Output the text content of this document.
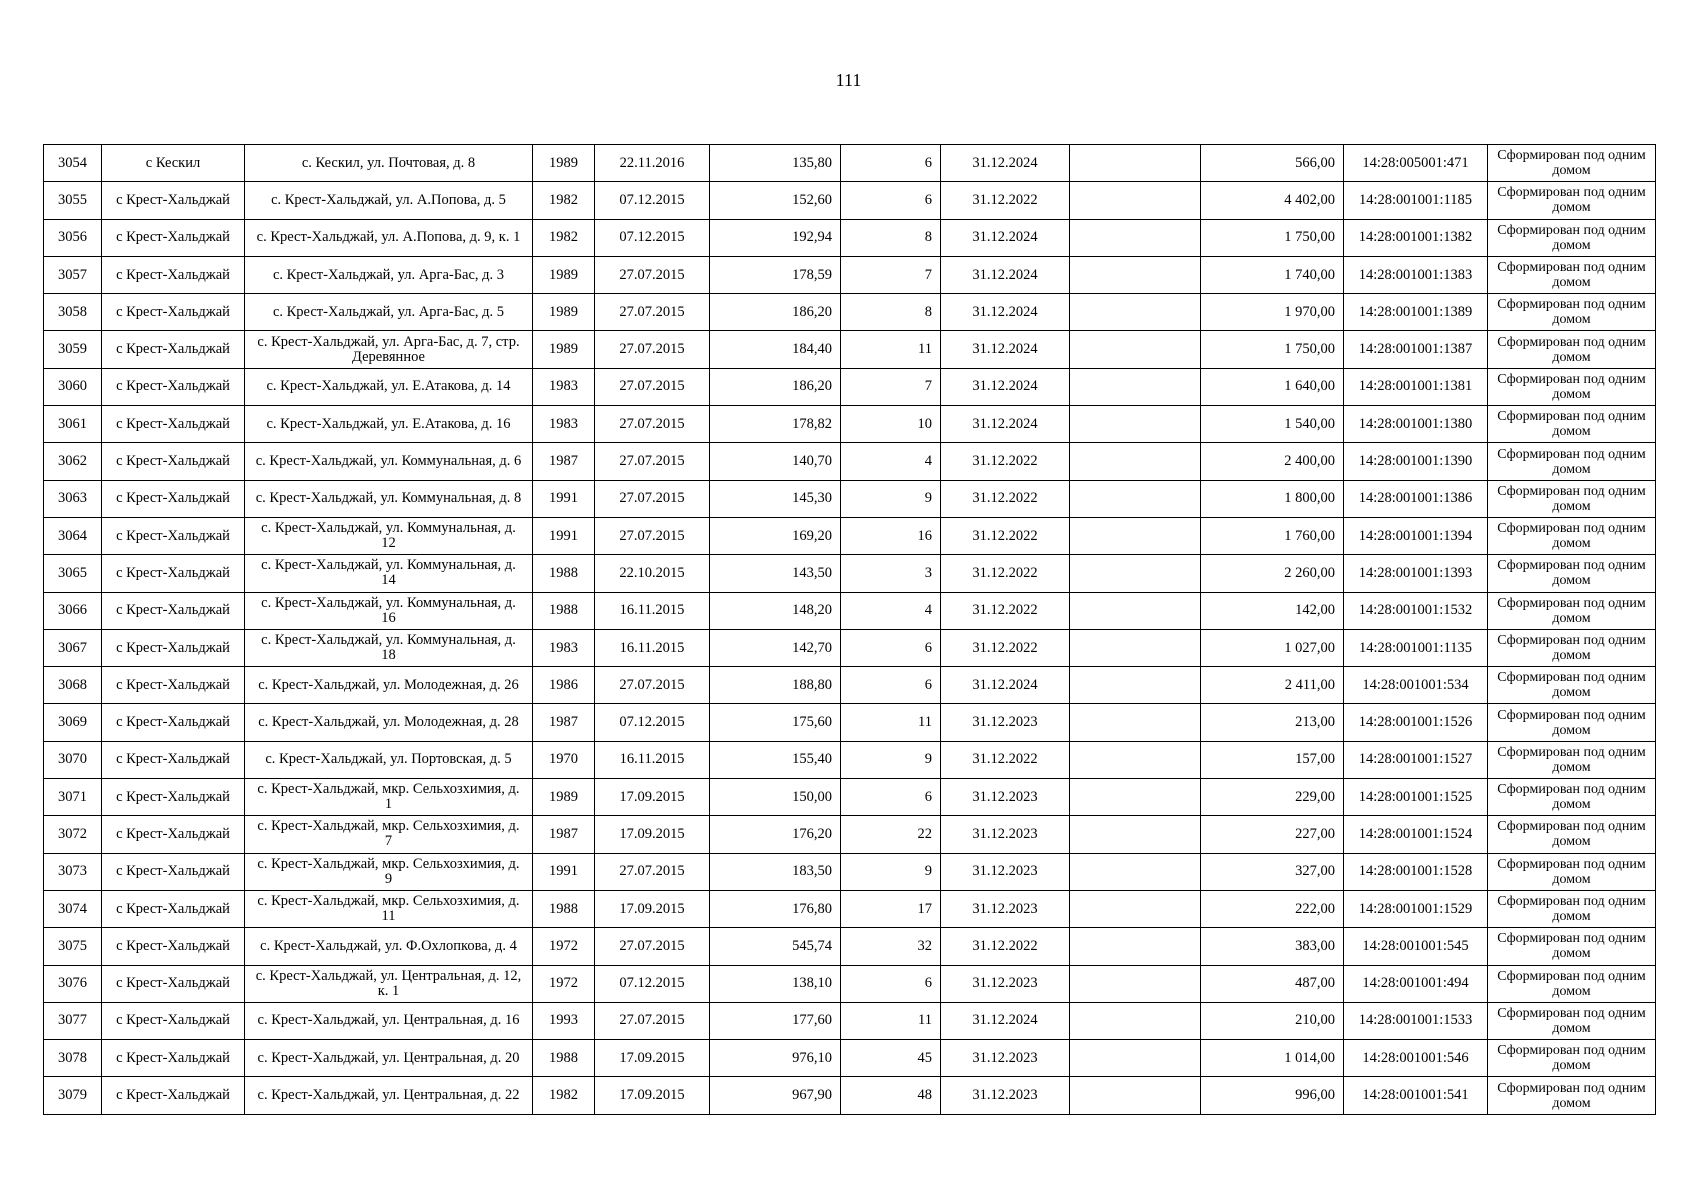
111
3054	с Кескил	с. Кескил, ул. Почтовая, д. 8	1989	22.11.2016	135,80	6	31.12.2024		566,00	14:28:005001:471	Сформирован под одним домом
3055	с Крест-Хальджай	с. Крест-Хальджай, ул. А.Попова, д. 5	1982	07.12.2015	152,60	6	31.12.2022		4 402,00	14:28:001001:1185	Сформирован под одним домом
3056	с Крест-Хальджай	с. Крест-Хальджай, ул. А.Попова, д. 9, к. 1	1982	07.12.2015	192,94	8	31.12.2024		1 750,00	14:28:001001:1382	Сформирован под одним домом
3057	с Крест-Хальджай	с. Крест-Хальджай, ул. Арга-Бас, д. 3	1989	27.07.2015	178,59	7	31.12.2024		1 740,00	14:28:001001:1383	Сформирован под одним домом
3058	с Крест-Хальджай	с. Крест-Хальджай, ул. Арга-Бас, д. 5	1989	27.07.2015	186,20	8	31.12.2024		1 970,00	14:28:001001:1389	Сформирован под одним домом
3059	с Крест-Хальджай	с. Крест-Хальджай, ул. Арга-Бас, д. 7, стр. Деревянное	1989	27.07.2015	184,40	11	31.12.2024		1 750,00	14:28:001001:1387	Сформирован под одним домом
3060	с Крест-Хальджай	с. Крест-Хальджай, ул. Е.Атакова, д. 14	1983	27.07.2015	186,20	7	31.12.2024		1 640,00	14:28:001001:1381	Сформирован под одним домом
3061	с Крест-Хальджай	с. Крест-Хальджай, ул. Е.Атакова, д. 16	1983	27.07.2015	178,82	10	31.12.2024		1 540,00	14:28:001001:1380	Сформирован под одним домом
3062	с Крест-Хальджай	с. Крест-Хальджай, ул. Коммунальная, д. 6	1987	27.07.2015	140,70	4	31.12.2022		2 400,00	14:28:001001:1390	Сформирован под одним домом
3063	с Крест-Хальджай	с. Крест-Хальджай, ул. Коммунальная, д. 8	1991	27.07.2015	145,30	9	31.12.2022		1 800,00	14:28:001001:1386	Сформирован под одним домом
3064	с Крест-Хальджай	с. Крест-Хальджай, ул. Коммунальная, д. 12	1991	27.07.2015	169,20	16	31.12.2022		1 760,00	14:28:001001:1394	Сформирован под одним домом
3065	с Крест-Хальджай	с. Крест-Хальджай, ул. Коммунальная, д. 14	1988	22.10.2015	143,50	3	31.12.2022		2 260,00	14:28:001001:1393	Сформирован под одним домом
3066	с Крест-Хальджай	с. Крест-Хальджай, ул. Коммунальная, д. 16	1988	16.11.2015	148,20	4	31.12.2022		142,00	14:28:001001:1532	Сформирован под одним домом
3067	с Крест-Хальджай	с. Крест-Хальджай, ул. Коммунальная, д. 18	1983	16.11.2015	142,70	6	31.12.2022		1 027,00	14:28:001001:1135	Сформирован под одним домом
3068	с Крест-Хальджай	с. Крест-Хальджай, ул. Молодежная, д. 26	1986	27.07.2015	188,80	6	31.12.2024		2 411,00	14:28:001001:534	Сформирован под одним домом
3069	с Крест-Хальджай	с. Крест-Хальджай, ул. Молодежная, д. 28	1987	07.12.2015	175,60	11	31.12.2023		213,00	14:28:001001:1526	Сформирован под одним домом
3070	с Крест-Хальджай	с. Крест-Хальджай, ул. Портовская, д. 5	1970	16.11.2015	155,40	9	31.12.2022		157,00	14:28:001001:1527	Сформирован под одним домом
3071	с Крест-Хальджай	с. Крест-Хальджай, мкр. Сельхозхимия, д. 1	1989	17.09.2015	150,00	6	31.12.2023		229,00	14:28:001001:1525	Сформирован под одним домом
3072	с Крест-Хальджай	с. Крест-Хальджай, мкр. Сельхозхимия, д. 7	1987	17.09.2015	176,20	22	31.12.2023		227,00	14:28:001001:1524	Сформирован под одним домом
3073	с Крест-Хальджай	с. Крест-Хальджай, мкр. Сельхозхимия, д. 9	1991	27.07.2015	183,50	9	31.12.2023		327,00	14:28:001001:1528	Сформирован под одним домом
3074	с Крест-Хальджай	с. Крест-Хальджай, мкр. Сельхозхимия, д. 11	1988	17.09.2015	176,80	17	31.12.2023		222,00	14:28:001001:1529	Сформирован под одним домом
3075	с Крест-Хальджай	с. Крест-Хальджай, ул. Ф.Охлопкова, д. 4	1972	27.07.2015	545,74	32	31.12.2022		383,00	14:28:001001:545	Сформирован под одним домом
3076	с Крест-Хальджай	с. Крест-Хальджай, ул. Центральная, д. 12, к. 1	1972	07.12.2015	138,10	6	31.12.2023		487,00	14:28:001001:494	Сформирован под одним домом
3077	с Крест-Хальджай	с. Крест-Хальджай, ул. Центральная, д. 16	1993	27.07.2015	177,60	11	31.12.2024		210,00	14:28:001001:1533	Сформирован под одним домом
3078	с Крест-Хальджай	с. Крест-Хальджай, ул. Центральная, д. 20	1988	17.09.2015	976,10	45	31.12.2023		1 014,00	14:28:001001:546	Сформирован под одним домом
3079	с Крест-Хальджай	с. Крест-Хальджай, ул. Центральная, д. 22	1982	17.09.2015	967,90	48	31.12.2023		996,00	14:28:001001:541	Сформирован под одним домом
